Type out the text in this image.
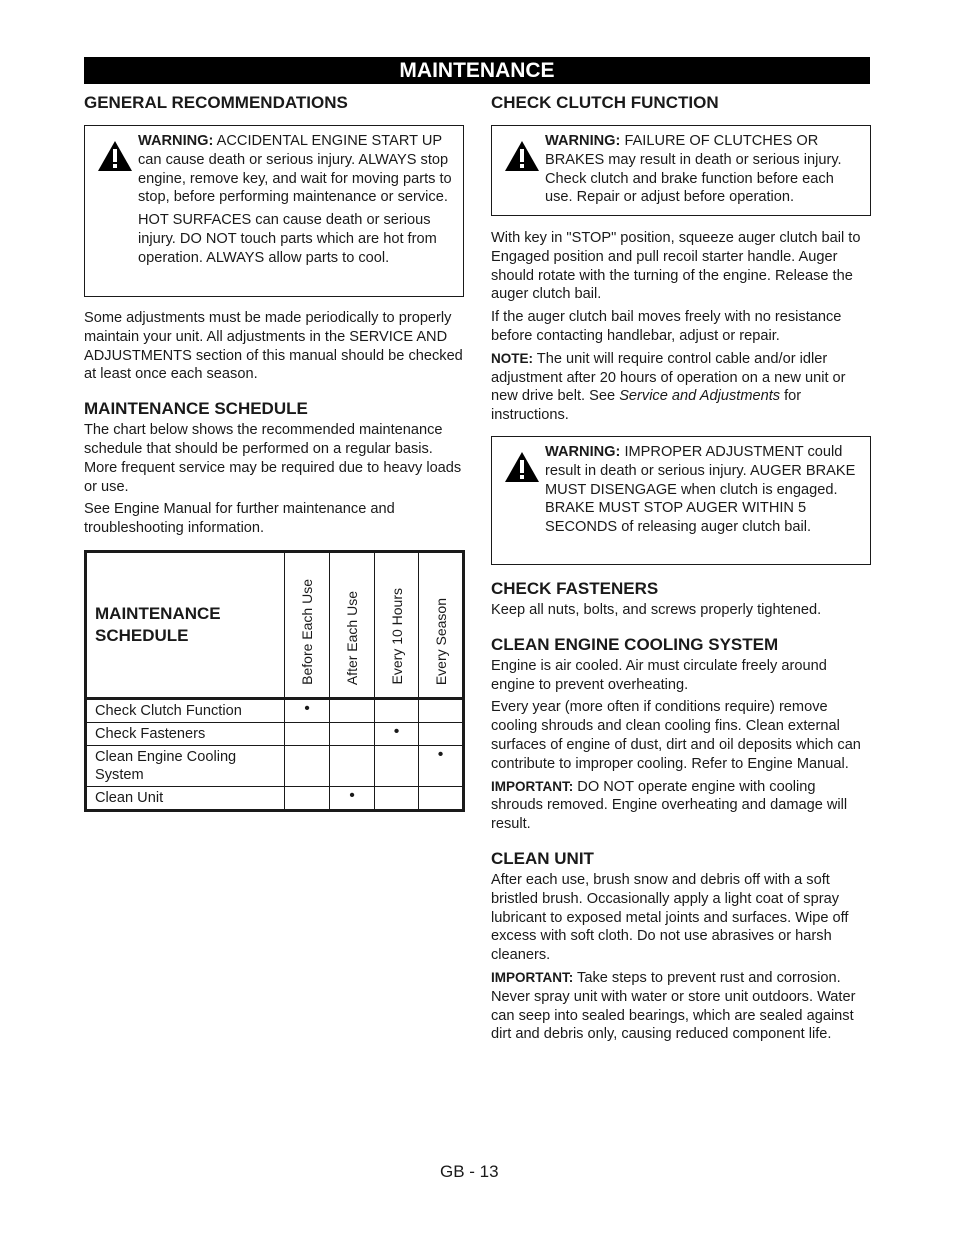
MAINTENANCE
GENERAL RECOMMENDATIONS

WARNING: ACCIDENTAL ENGINE START UP can cause death or serious injury. ALWAYS stop engine, remove key, and wait for moving parts to stop, before performing maintenance or service.

HOT SURFACES can cause death or serious injury. DO NOT touch parts which are hot from operation. ALWAYS allow parts to cool.

Some adjustments must be made periodically to properly maintain your unit. All adjustments in the SERVICE AND ADJUSTMENTS section of this manual should be checked at least once each season.

MAINTENANCE SCHEDULE

The chart below shows the recommended maintenance schedule that should be performed on a regular basis. More frequent service may be required due to heavy loads or use.

See Engine Manual for further maintenance and troubleshooting information.

MAINTENANCE SCHEDULE	Before Each Use	After Each Use	Every 10 Hours	Every Season

Check Clutch Function	•			
Check Fasteners			•	
Clean Engine Cooling System				•
Clean Unit		•		
CHECK CLUTCH FUNCTION

WARNING: FAILURE OF CLUTCHES OR BRAKES may result in death or serious injury. Check clutch and brake function before each use. Repair or adjust before operation.

With key in "STOP" position, squeeze auger clutch bail to Engaged position and pull recoil starter handle. Auger should rotate with the turning of the engine. Release the auger clutch bail.

If the auger clutch bail moves freely with no resistance before contacting handlebar, adjust or repair.

NOTE: The unit will require control cable and/or idler adjustment after 20 hours of operation on a new unit or new drive belt. See Service and Adjustments for instructions.

WARNING: IMPROPER ADJUSTMENT could result in death or serious injury. AUGER BRAKE MUST DISENGAGE when clutch is engaged. BRAKE MUST STOP AUGER WITHIN 5 SECONDS of releasing auger clutch bail.

CHECK FASTENERS

Keep all nuts, bolts, and screws properly tightened.

CLEAN ENGINE COOLING SYSTEM

Engine is air cooled. Air must circulate freely around engine to prevent overheating.

Every year (more often if conditions require) remove cooling shrouds and clean cooling fins. Clean external surfaces of engine of dust, dirt and oil deposits which can contribute to improper cooling. Refer to Engine Manual.

IMPORTANT: DO NOT operate engine with cooling shrouds removed. Engine overheating and damage will result.

CLEAN UNIT

After each use, brush snow and debris off with a soft bristled brush. Occasionally apply a light coat of spray lubricant to exposed metal joints and surfaces. Wipe off excess with soft cloth. Do not use abrasives or harsh cleaners.

IMPORTANT: Take steps to prevent rust and corrosion. Never spray unit with water or store unit outdoors. Water can seep into sealed bearings, which are sealed against dirt and debris only, causing reduced component life.

GB - 13
